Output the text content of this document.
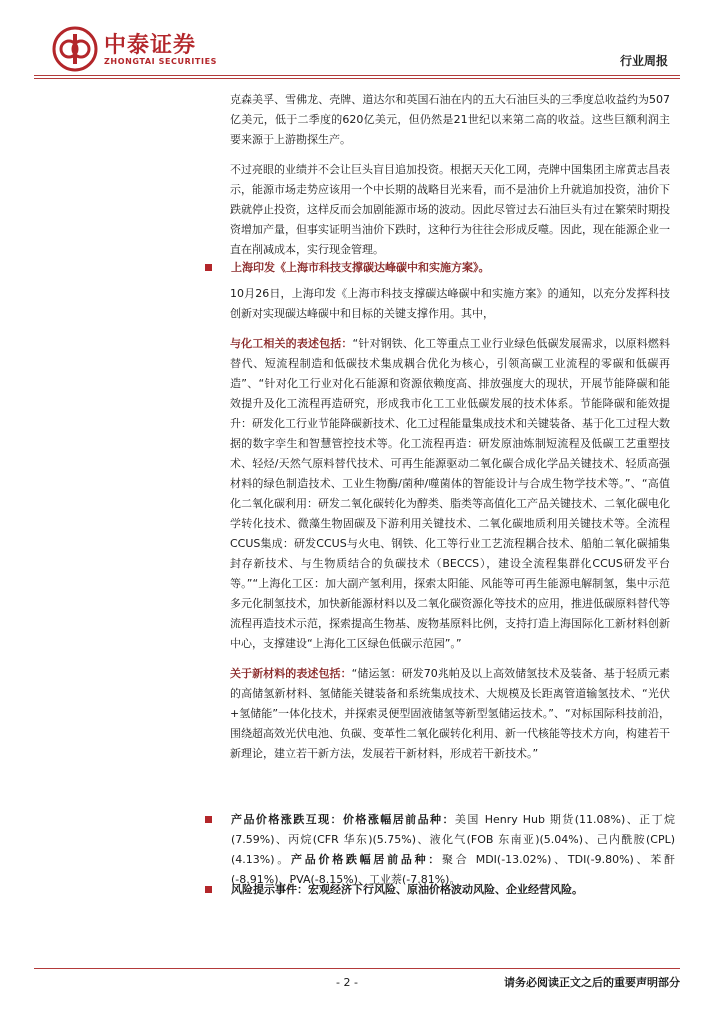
中泰证券
ZHONGTAI SECURITIES	行业周报

克森美孚、雪佛龙、壳牌、道达尔和英国石油在内的五大石油巨头的三季度总收益约为507亿美元，低于二季度的620亿美元，但仍然是21世纪以来第二高的收益。这些巨额利润主要来源于上游勘探生产。

不过亮眼的业绩并不会让巨头盲目追加投资。根据天天化工网，壳牌中国集团主席黄志昌表示，能源市场走势应该用一个中长期的战略目光来看，而不是油价上升就追加投资，油价下跌就停止投资，这样反而会加剧能源市场的波动。因此尽管过去石油巨头有过在繁荣时期投资增加产量，但事实证明当油价下跌时，这种行为往往会形成反噬。因此，现在能源企业一直在削减成本，实行现金管理。

上海印发《上海市科技支撑碳达峰碳中和实施方案》。

10月26日，上海印发《上海市科技支撑碳达峰碳中和实施方案》的通知，以充分发挥科技创新对实现碳达峰碳中和目标的关键支撑作用。其中，

与化工相关的表述包括：“针对钢铁、化工等重点工业行业绿色低碳发展需求，以原料燃料替代、短流程制造和低碳技术集成耦合优化为核心，引领高碳工业流程的零碳和低碳再造”、“针对化工行业对化石能源和资源依赖度高、排放强度大的现状，开展节能降碳和能效提升及化工流程再造研究，形成我市化工工业低碳发展的技术体系。节能降碳和能效提升：研发化工行业节能降碳新技术、化工过程能量集成技术和关键装备、基于化工过程大数据的数字孪生和智慧管控技术等。化工流程再造：研发原油炼制短流程及低碳工艺重塑技术、轻烃/天然气原料替代技术、可再生能源驱动二氧化碳合成化学品关键技术、轻质高强材料的绿色制造技术、工业生物酶/菌种/噬菌体的智能设计与合成生物学技术等。”、“高值化二氧化碳利用：研发二氧化碳转化为醇类、脂类等高值化工产品关键技术、二氧化碳电化学转化技术、微藻生物固碳及下游利用关键技术、二氧化碳地质利用关键技术等。全流程CCUS集成：研发CCUS与火电、钢铁、化工等行业工艺流程耦合技术、船舶二氧化碳捕集封存新技术、与生物质结合的负碳技术（BECCS），建设全流程集群化CCUS研发平台等。”“上海化工区：加大副产氢利用，探索太阳能、风能等可再生能源电解制氢，集中示范多元化制氢技术，加快新能源材料以及二氧化碳资源化等技术的应用，推进低碳原料替代等流程再造技术示范，探索提高生物基、废物基原料比例，支持打造上海国际化工新材料创新中心，支撑建设“上海化工区绿色低碳示范园”。”

关于新材料的表述包括：“储运氢：研发70兆帕及以上高效储氢技术及装备、基于轻质元素的高储氢新材料、氢储能关键装备和系统集成技术、大规模及长距离管道输氢技术、“光伏+氢储能”一体化技术，并探索灵便型固液储氢等新型氢储运技术。”、“对标国际科技前沿，围绕超高效光伏电池、负碳、变革性二氧化碳转化利用、新一代核能等技术方向，构建若干新理论，建立若干新方法，发展若干新材料，形成若干新技术。”

产品价格涨跌互现：价格涨幅居前品种：美国 Henry Hub 期货(11.08%)、正丁烷(7.59%)、丙烷(CFR 华东)(5.75%)、液化气(FOB 东南亚)(5.04%)、己内酰胺(CPL)(4.13%)。产品价格跌幅居前品种：聚合 MDI(-13.02%)、TDI(-9.80%)、苯酐(-8.91%)、PVA(-8.15%)、工业萘(-7.81%)。
风险提示事件：宏观经济下行风险、原油价格波动风险、企业经营风险。
- 2 -	请务必阅读正文之后的重要声明部分
